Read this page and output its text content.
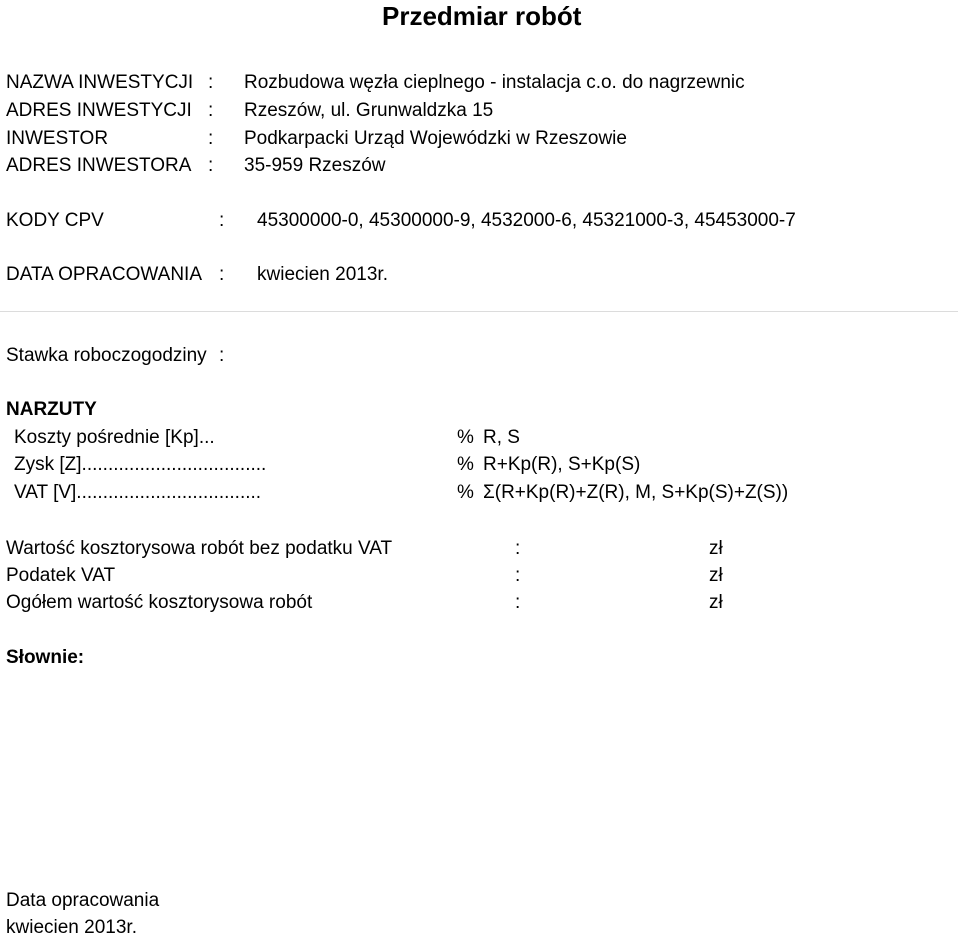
Przedmiar robót
NAZWA INWESTYCJI : Rozbudowa węzła cieplnego - instalacja c.o. do nagrzewnic
ADRES INWESTYCJI : Rzeszów, ul. Grunwaldzka 15
INWESTOR	: Podkarpacki Urząd Wojewódzki w Rzeszowie
ADRES INWESTORA : 35-959 Rzeszów
KODY CPV	: 45300000-0, 45300000-9, 4532000-6, 45321000-3, 45453000-7
DATA OPRACOWANIA : kwiecien 2013r.
Stawka roboczogodziny :
NARZUTY
Koszty pośrednie [Kp]...	% R, S
Zysk [Z]...................................	% R+Kp(R), S+Kp(S)
VAT [V]...................................	% Σ(R+Kp(R)+Z(R), M, S+Kp(S)+Z(S))
Wartość kosztorysowa robót bez podatku VAT	:	zł
Podatek VAT	:	zł
Ogółem wartość kosztorysowa robót	:	zł
Słownie:
Data opracowania
kwiecien 2013r.
